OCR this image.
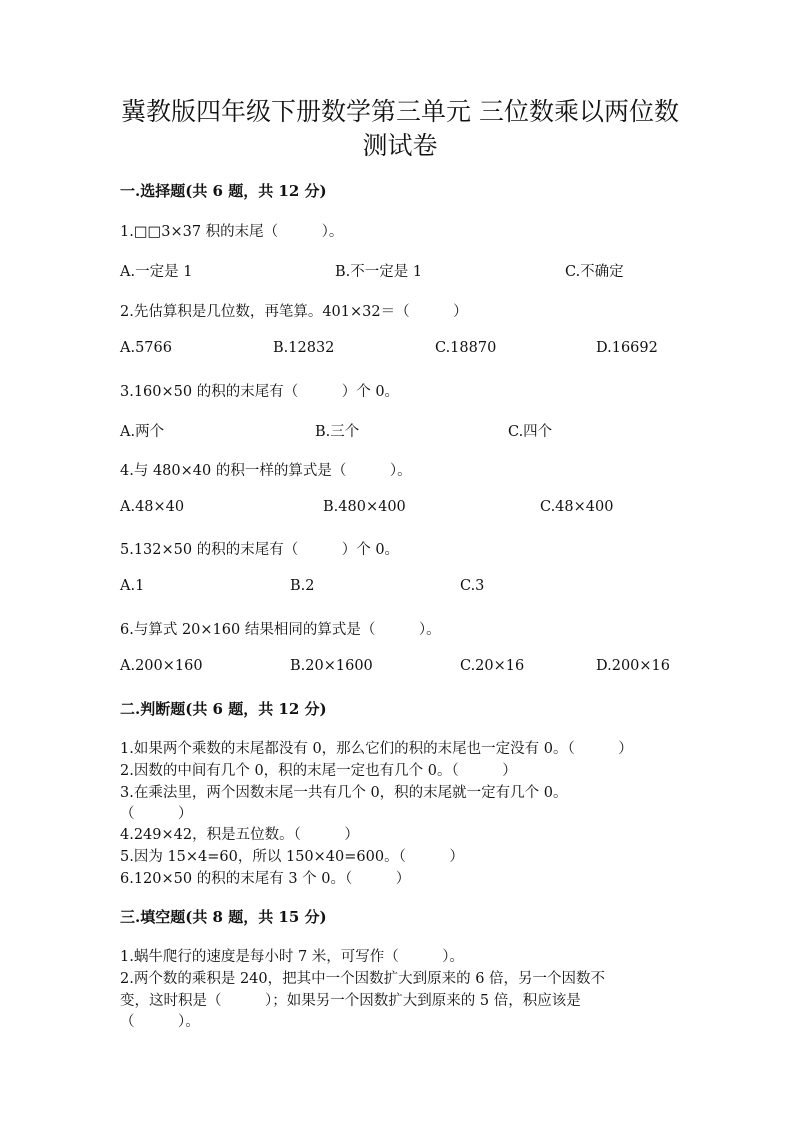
冀教版四年级下册数学第三单元 三位数乘以两位数
测试卷
一.选择题(共 6 题，共 12 分)
1.□□3×37 积的末尾（　　　）。
A.一定是 1	B.不一定是 1	C.不确定
2.先估算积是几位数，再笔算。401×32＝（　　　）
A.5766	B.12832	C.18870	D.16692
3.160×50 的积的末尾有（　　　）个 0。
A.两个	B.三个	C.四个
4.与 480×40 的积一样的算式是（　　　）。
A.48×40	B.480×400	C.48×400
5.132×50 的积的末尾有（　　　）个 0。
A.1	B.2	C.3
6.与算式 20×160 结果相同的算式是（　　　）。
A.200×160	B.20×1600	C.20×16	D.200×16
二.判断题(共 6 题，共 12 分)
1.如果两个乘数的末尾都没有 0，那么它们的积的末尾也一定没有 0。（　　　）
2.因数的中间有几个 0，积的末尾一定也有几个 0。（　　　）
3.在乘法里，两个因数末尾一共有几个 0，积的末尾就一定有几个 0。
（　　　）
4.249×42，积是五位数。（　　　）
5.因为 15×4=60，所以 150×40=600。（　　　）
6.120×50 的积的末尾有 3 个 0。（　　　）
三.填空题(共 8 题，共 15 分)
1.蜗牛爬行的速度是每小时 7 米，可写作（　　　）。
2.两个数的乘积是 240，把其中一个因数扩大到原来的 6 倍，另一个因数不
变，这时积是（　　　）；如果另一个因数扩大到原来的 5 倍，积应该是
（　　　）。
